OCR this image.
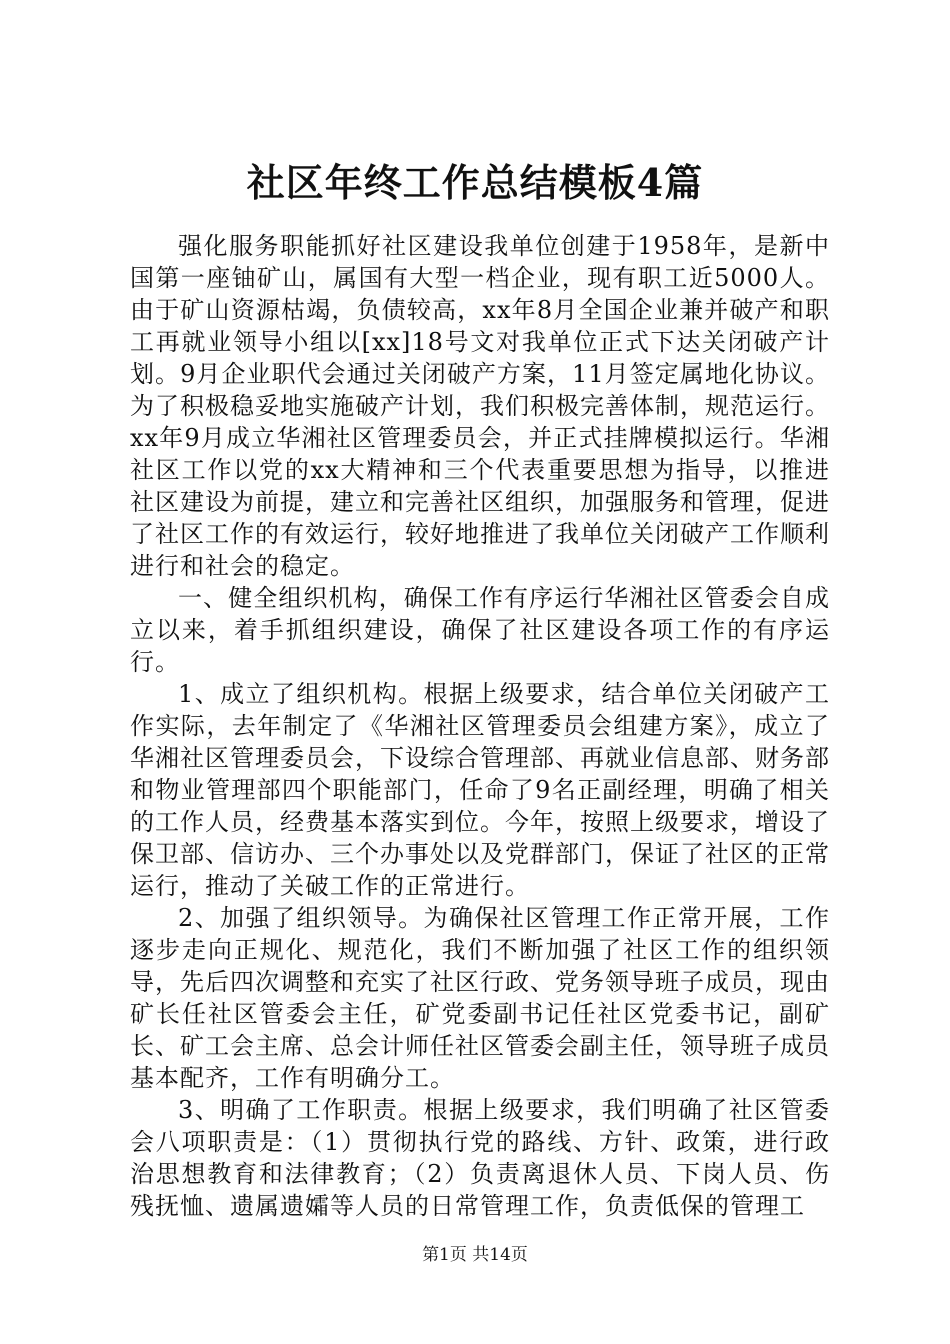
社区年终工作总结模板4篇

强化服务职能抓好社区建设我单位创建于1958年，是新中国第一座铀矿山，属国有大型一档企业，现有职工近5000人。由于矿山资源枯竭，负债较高，xx年8月全国企业兼并破产和职工再就业领导小组以[xx]18号文对我单位正式下达关闭破产计划。9月企业职代会通过关闭破产方案，11月签定属地化协议。为了积极稳妥地实施破产计划，我们积极完善体制，规范运行。xx年9月成立华湘社区管理委员会，并正式挂牌模拟运行。华湘社区工作以党的xx大精神和三个代表重要思想为指导，以推进社区建设为前提，建立和完善社区组织，加强服务和管理，促进了社区工作的有效运行，较好地推进了我单位关闭破产工作顺利进行和社会的稳定。

一、健全组织机构，确保工作有序运行华湘社区管委会自成立以来，着手抓组织建设，确保了社区建设各项工作的有序运行。

1、成立了组织机构。根据上级要求，结合单位关闭破产工作实际，去年制定了《华湘社区管理委员会组建方案》，成立了华湘社区管理委员会，下设综合管理部、再就业信息部、财务部和物业管理部四个职能部门，任命了9名正副经理，明确了相关的工作人员，经费基本落实到位。今年，按照上级要求，增设了保卫部、信访办、三个办事处以及党群部门，保证了社区的正常运行，推动了关破工作的正常进行。

2、加强了组织领导。为确保社区管理工作正常开展，工作逐步走向正规化、规范化，我们不断加强了社区工作的组织领导，先后四次调整和充实了社区行政、党务领导班子成员，现由矿长任社区管委会主任，矿党委副书记任社区党委书记，副矿长、矿工会主席、总会计师任社区管委会副主任，领导班子成员基本配齐，工作有明确分工。

3、明确了工作职责。根据上级要求，我们明确了社区管委会八项职责是：（1）贯彻执行党的路线、方针、政策，进行政治思想教育和法律教育；（2）负责离退休人员、下岗人员、伤残抚恤、遗属遗孀等人员的日常管理工作，负责低保的管理工

第1页 共14页
